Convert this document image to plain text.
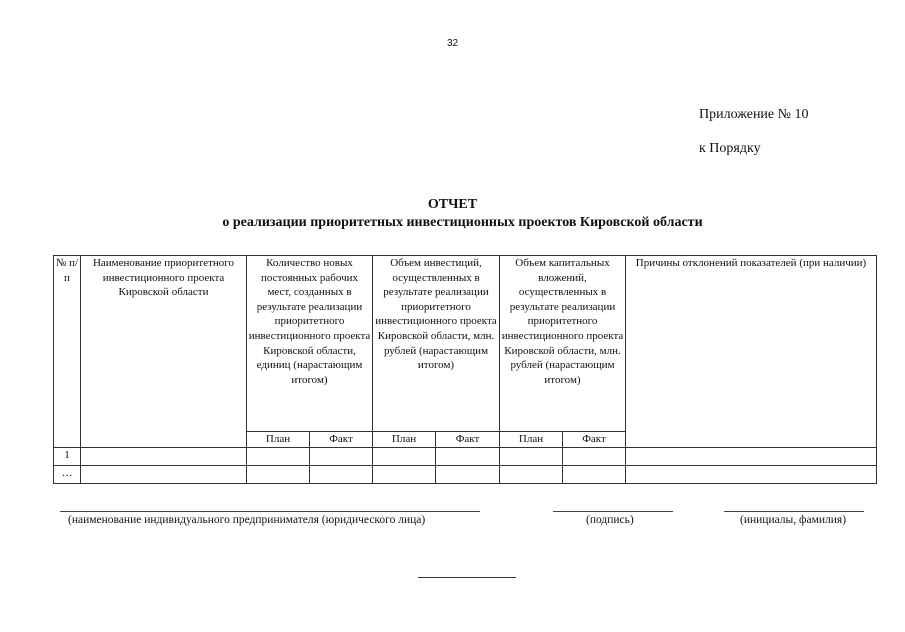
32
Приложение № 10
к Порядку
ОТЧЕТ
о реализации приоритетных инвестиционных проектов Кировской области
№ п/п	Наименование приоритетного инвестиционного проекта Кировской области	Количество новых постоянных рабочих мест, созданных в результате реализации приоритетного инвестиционного проекта Кировской области, единиц (нарастающим итогом)		Объем инвестиций, осуществленных в результате реализации приоритетного инвестиционного проекта Кировской области, млн. рублей (нарастающим итогом)		Объем капитальных вложений, осуществленных в результате реализации приоритетного инвестиционного проекта Кировской области, млн. рублей (нарастающим итогом)		Причины отклонений показателей (при наличии)
		План	Факт	План	Факт	План	Факт	
1								
…								
(наименование индивидуального предпринимателя (юридического лица)	(подпись)	(инициалы, фамилия)
